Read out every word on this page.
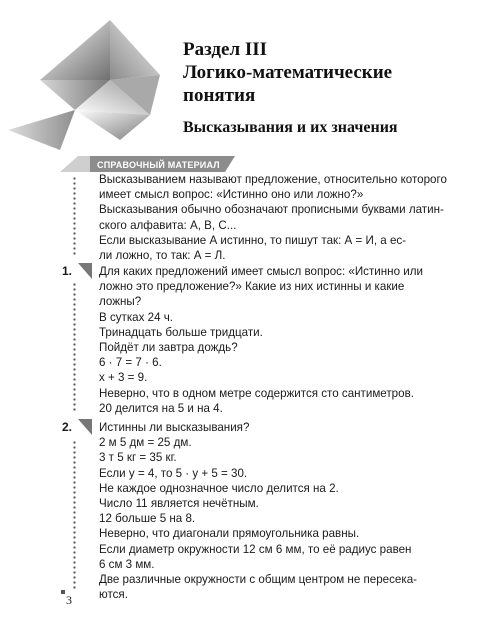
Раздел III
Логико-математические
понятия
Высказывания и их значения
СПРАВОЧНЫЙ МАТЕРИАЛ

Высказыванием называют предложение, относительно которого

имеет смысл вопрос: «Истинно оно или ложно?»

Высказывания обычно обозначают прописными буквами латин-

ского алфавита: А, В, С...

Если высказывание А истинно, то пишут так: А = И, а ес-

ли ложно, то так: А = Л.

1. Для каких предложений имеет смысл вопрос: «Истинно или

ложно это предложение?» Какие из них истинны и какие

ложны?

В сутках 24 ч.

Тринадцать больше тридцати.

Пойдёт ли завтра дождь?

6 · 7 = 7 · 6.

x + 3 = 9.

Неверно, что в одном метре содержится сто сантиметров.

20 делится на 5 и на 4.

2. Истинны ли высказывания?

2 м 5 дм = 25 дм.

3 т 5 кг = 35 кг.

Если y = 4, то 5 · y + 5 = 30.

Не каждое однозначное число делится на 2.

Число 11 является нечётным.

12 больше 5 на 8.

Неверно, что диагонали прямоугольника равны.

Если диаметр окружности 12 см 6 мм, то её радиус равен

6 см 3 мм.

Две различные окружности с общим центром не пересека-

ются.

3
